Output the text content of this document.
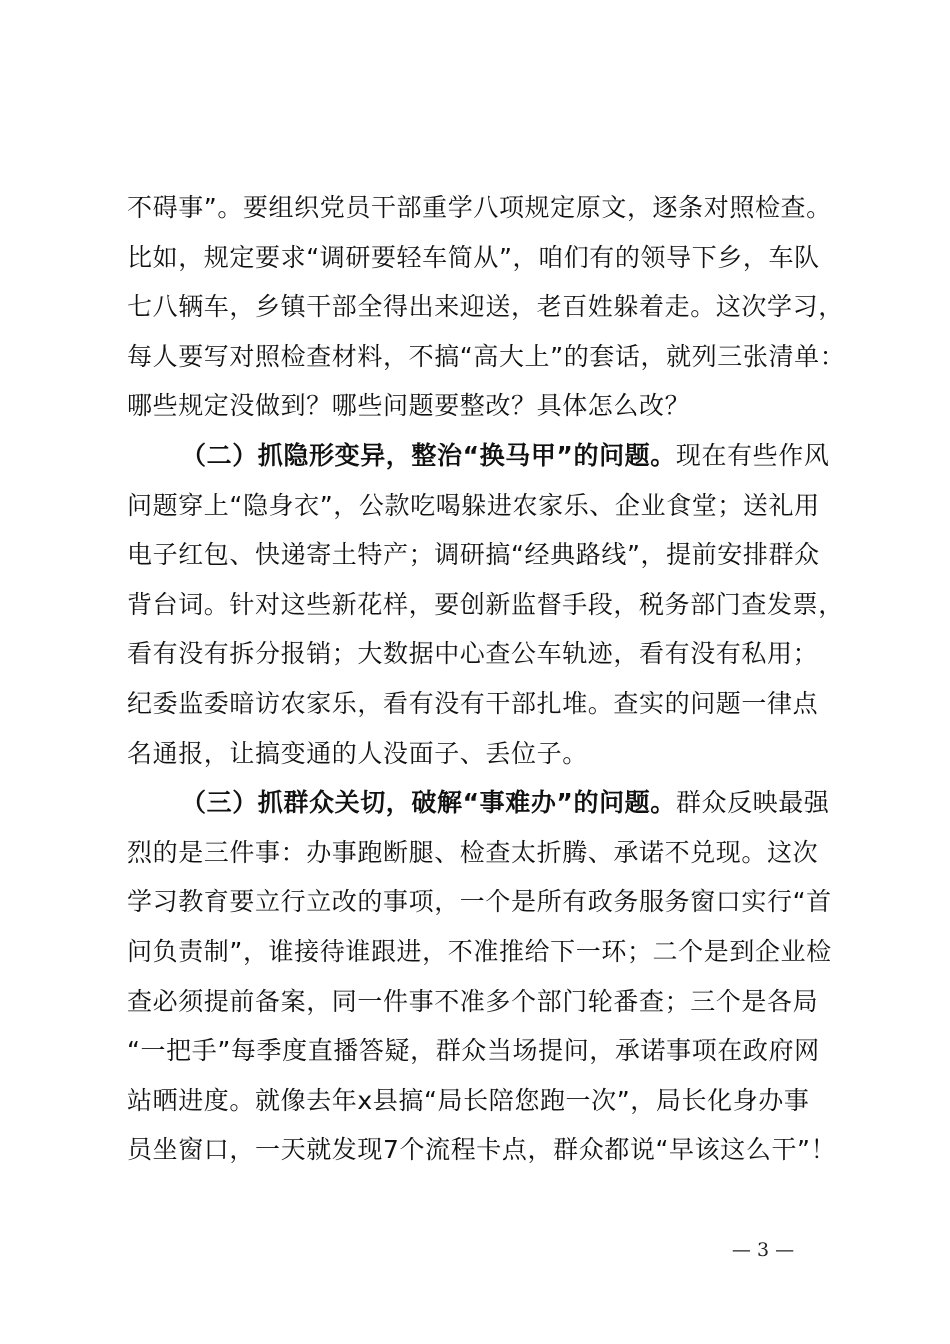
不碍事”。要组织党员干部重学八项规定原文，逐条对照检查。
比如，规定要求“调研要轻车简从”，咱们有的领导下乡，车队
七八辆车，乡镇干部全得出来迎送，老百姓躲着走。这次学习，
每人要写对照检查材料，不搞“高大上”的套话，就列三张清单：
哪些规定没做到？哪些问题要整改？具体怎么改？
（二）抓隐形变异，整治“换马甲”的问题。现在有些作风
问题穿上“隐身衣”，公款吃喝躲进农家乐、企业食堂；送礼用
电子红包、快递寄土特产；调研搞“经典路线”，提前安排群众
背台词。针对这些新花样，要创新监督手段，税务部门查发票，
看有没有拆分报销；大数据中心查公车轨迹，看有没有私用；
纪委监委暗访农家乐，看有没有干部扎堆。查实的问题一律点
名通报，让搞变通的人没面子、丢位子。
（三）抓群众关切，破解“事难办”的问题。群众反映最强
烈的是三件事：办事跑断腿、检查太折腾、承诺不兑现。这次
学习教育要立行立改的事项，一个是所有政务服务窗口实行“首
问负责制”，谁接待谁跟进，不准推给下一环；二个是到企业检
查必须提前备案，同一件事不准多个部门轮番查；三个是各局
“一把手”每季度直播答疑，群众当场提问，承诺事项在政府网
站晒进度。就像去年x县搞“局长陪您跑一次”，局长化身办事
员坐窗口，一天就发现7个流程卡点，群众都说“早该这么干”！
— 3 —
